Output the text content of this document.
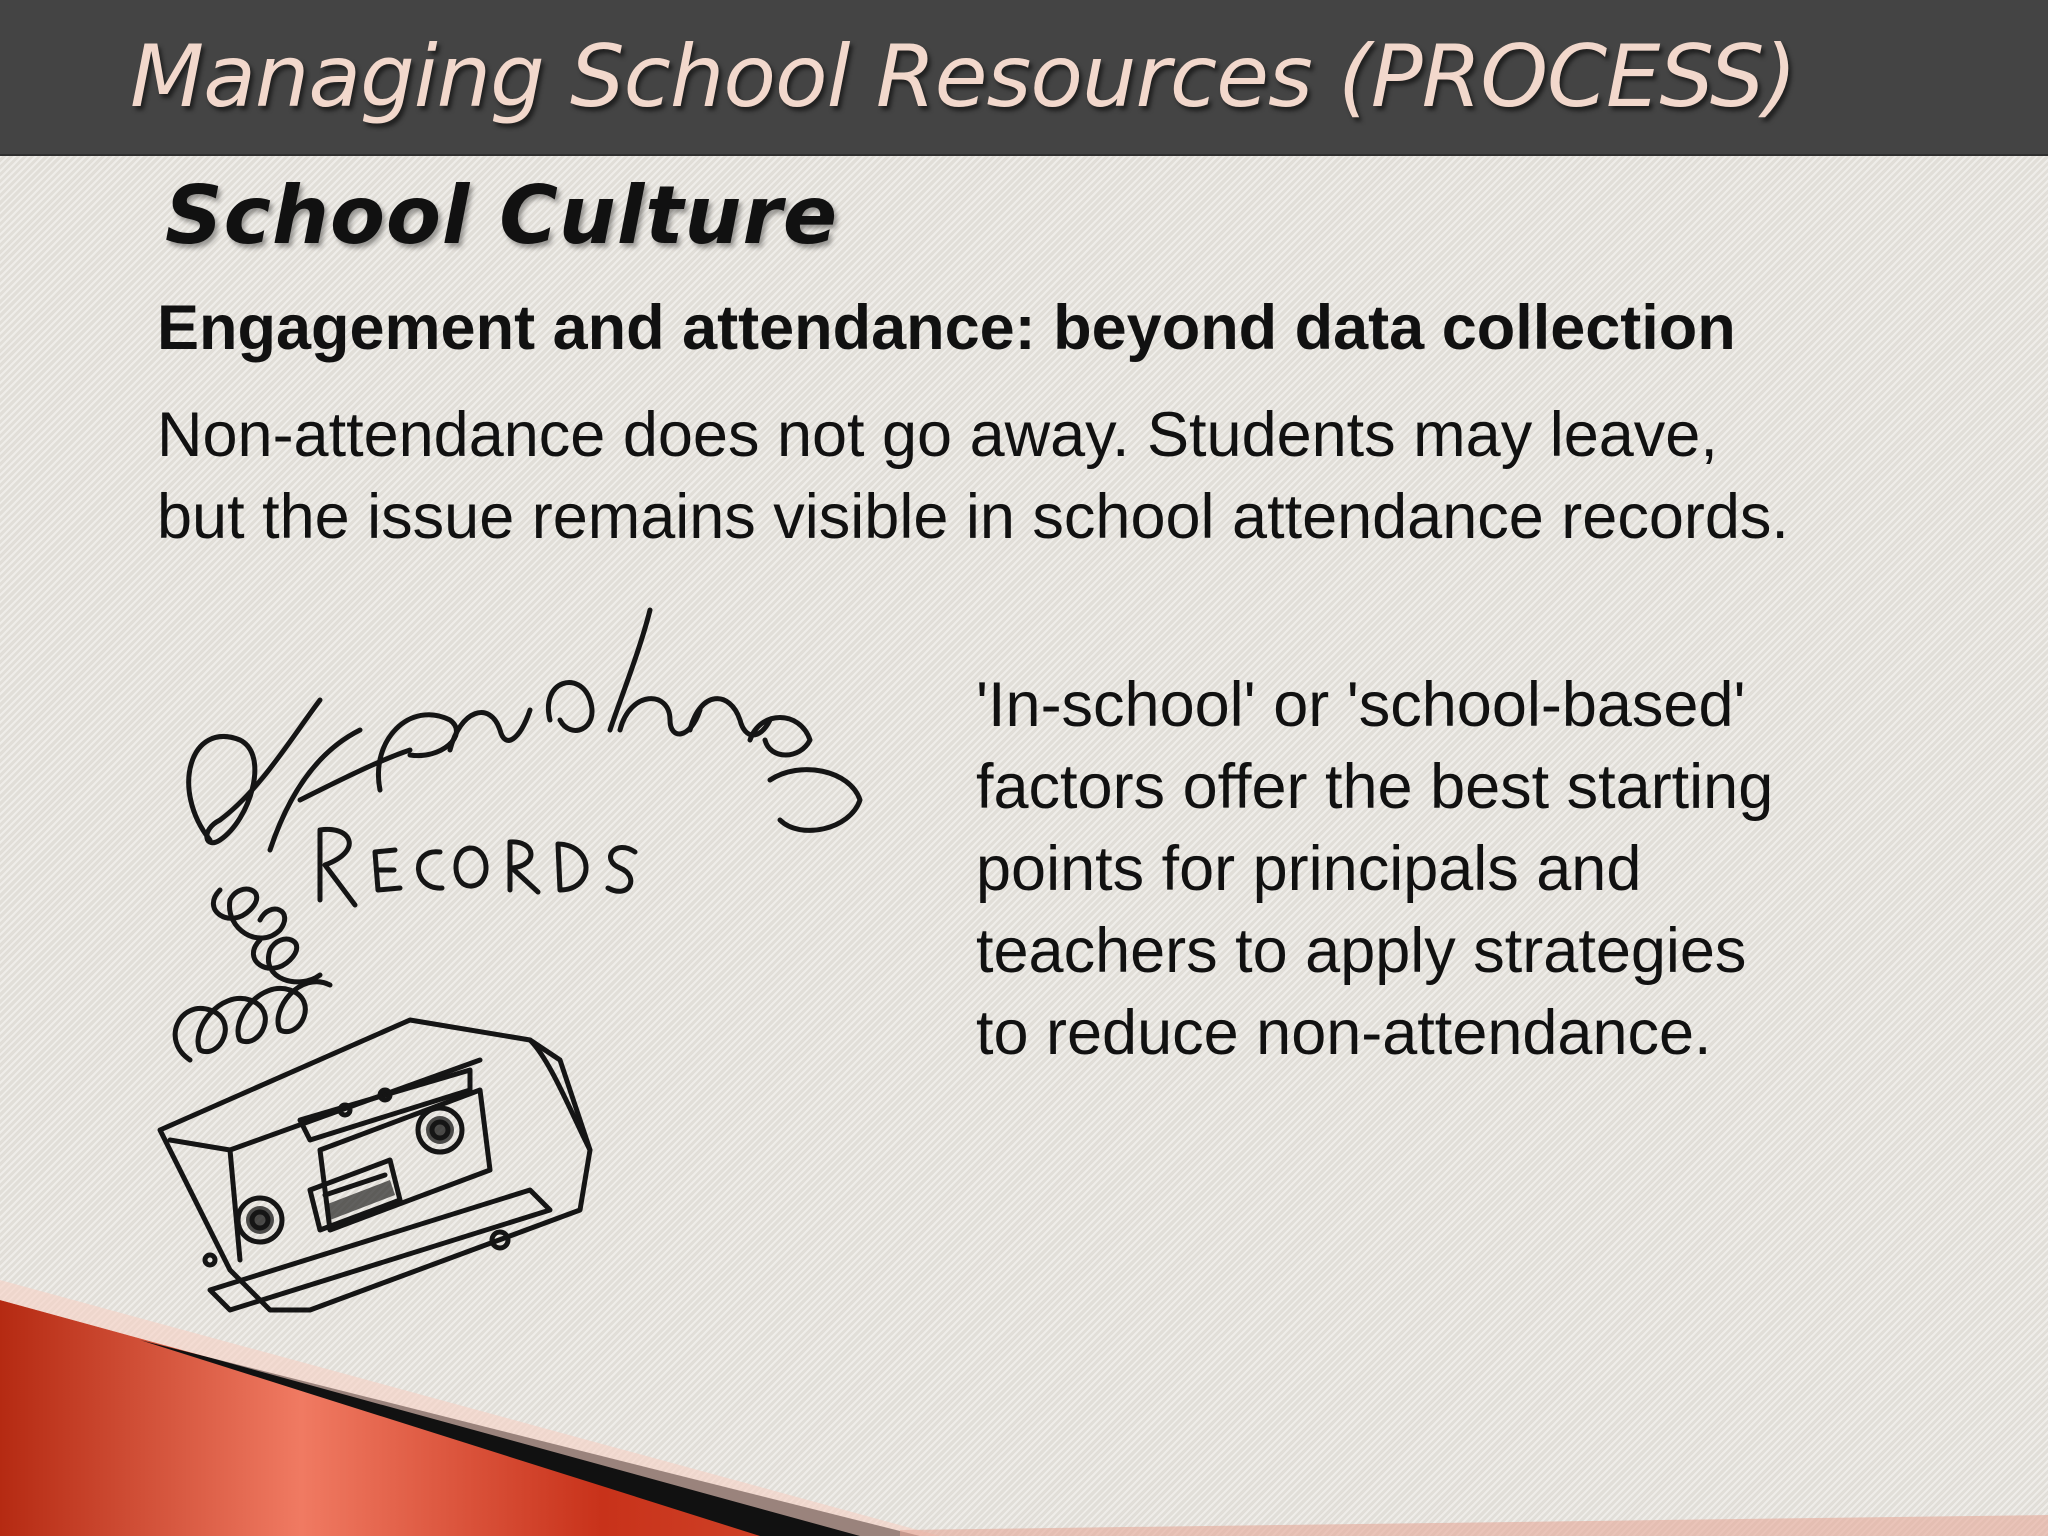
Managing School Resources (PROCESS)
School Culture
Engagement and attendance: beyond data collection
Non-attendance does not go away. Students may leave,
but the issue remains visible in school attendance records.
'In-school' or 'school-based'
factors offer the best starting
points for principals and
teachers to apply strategies
to reduce non-attendance.
